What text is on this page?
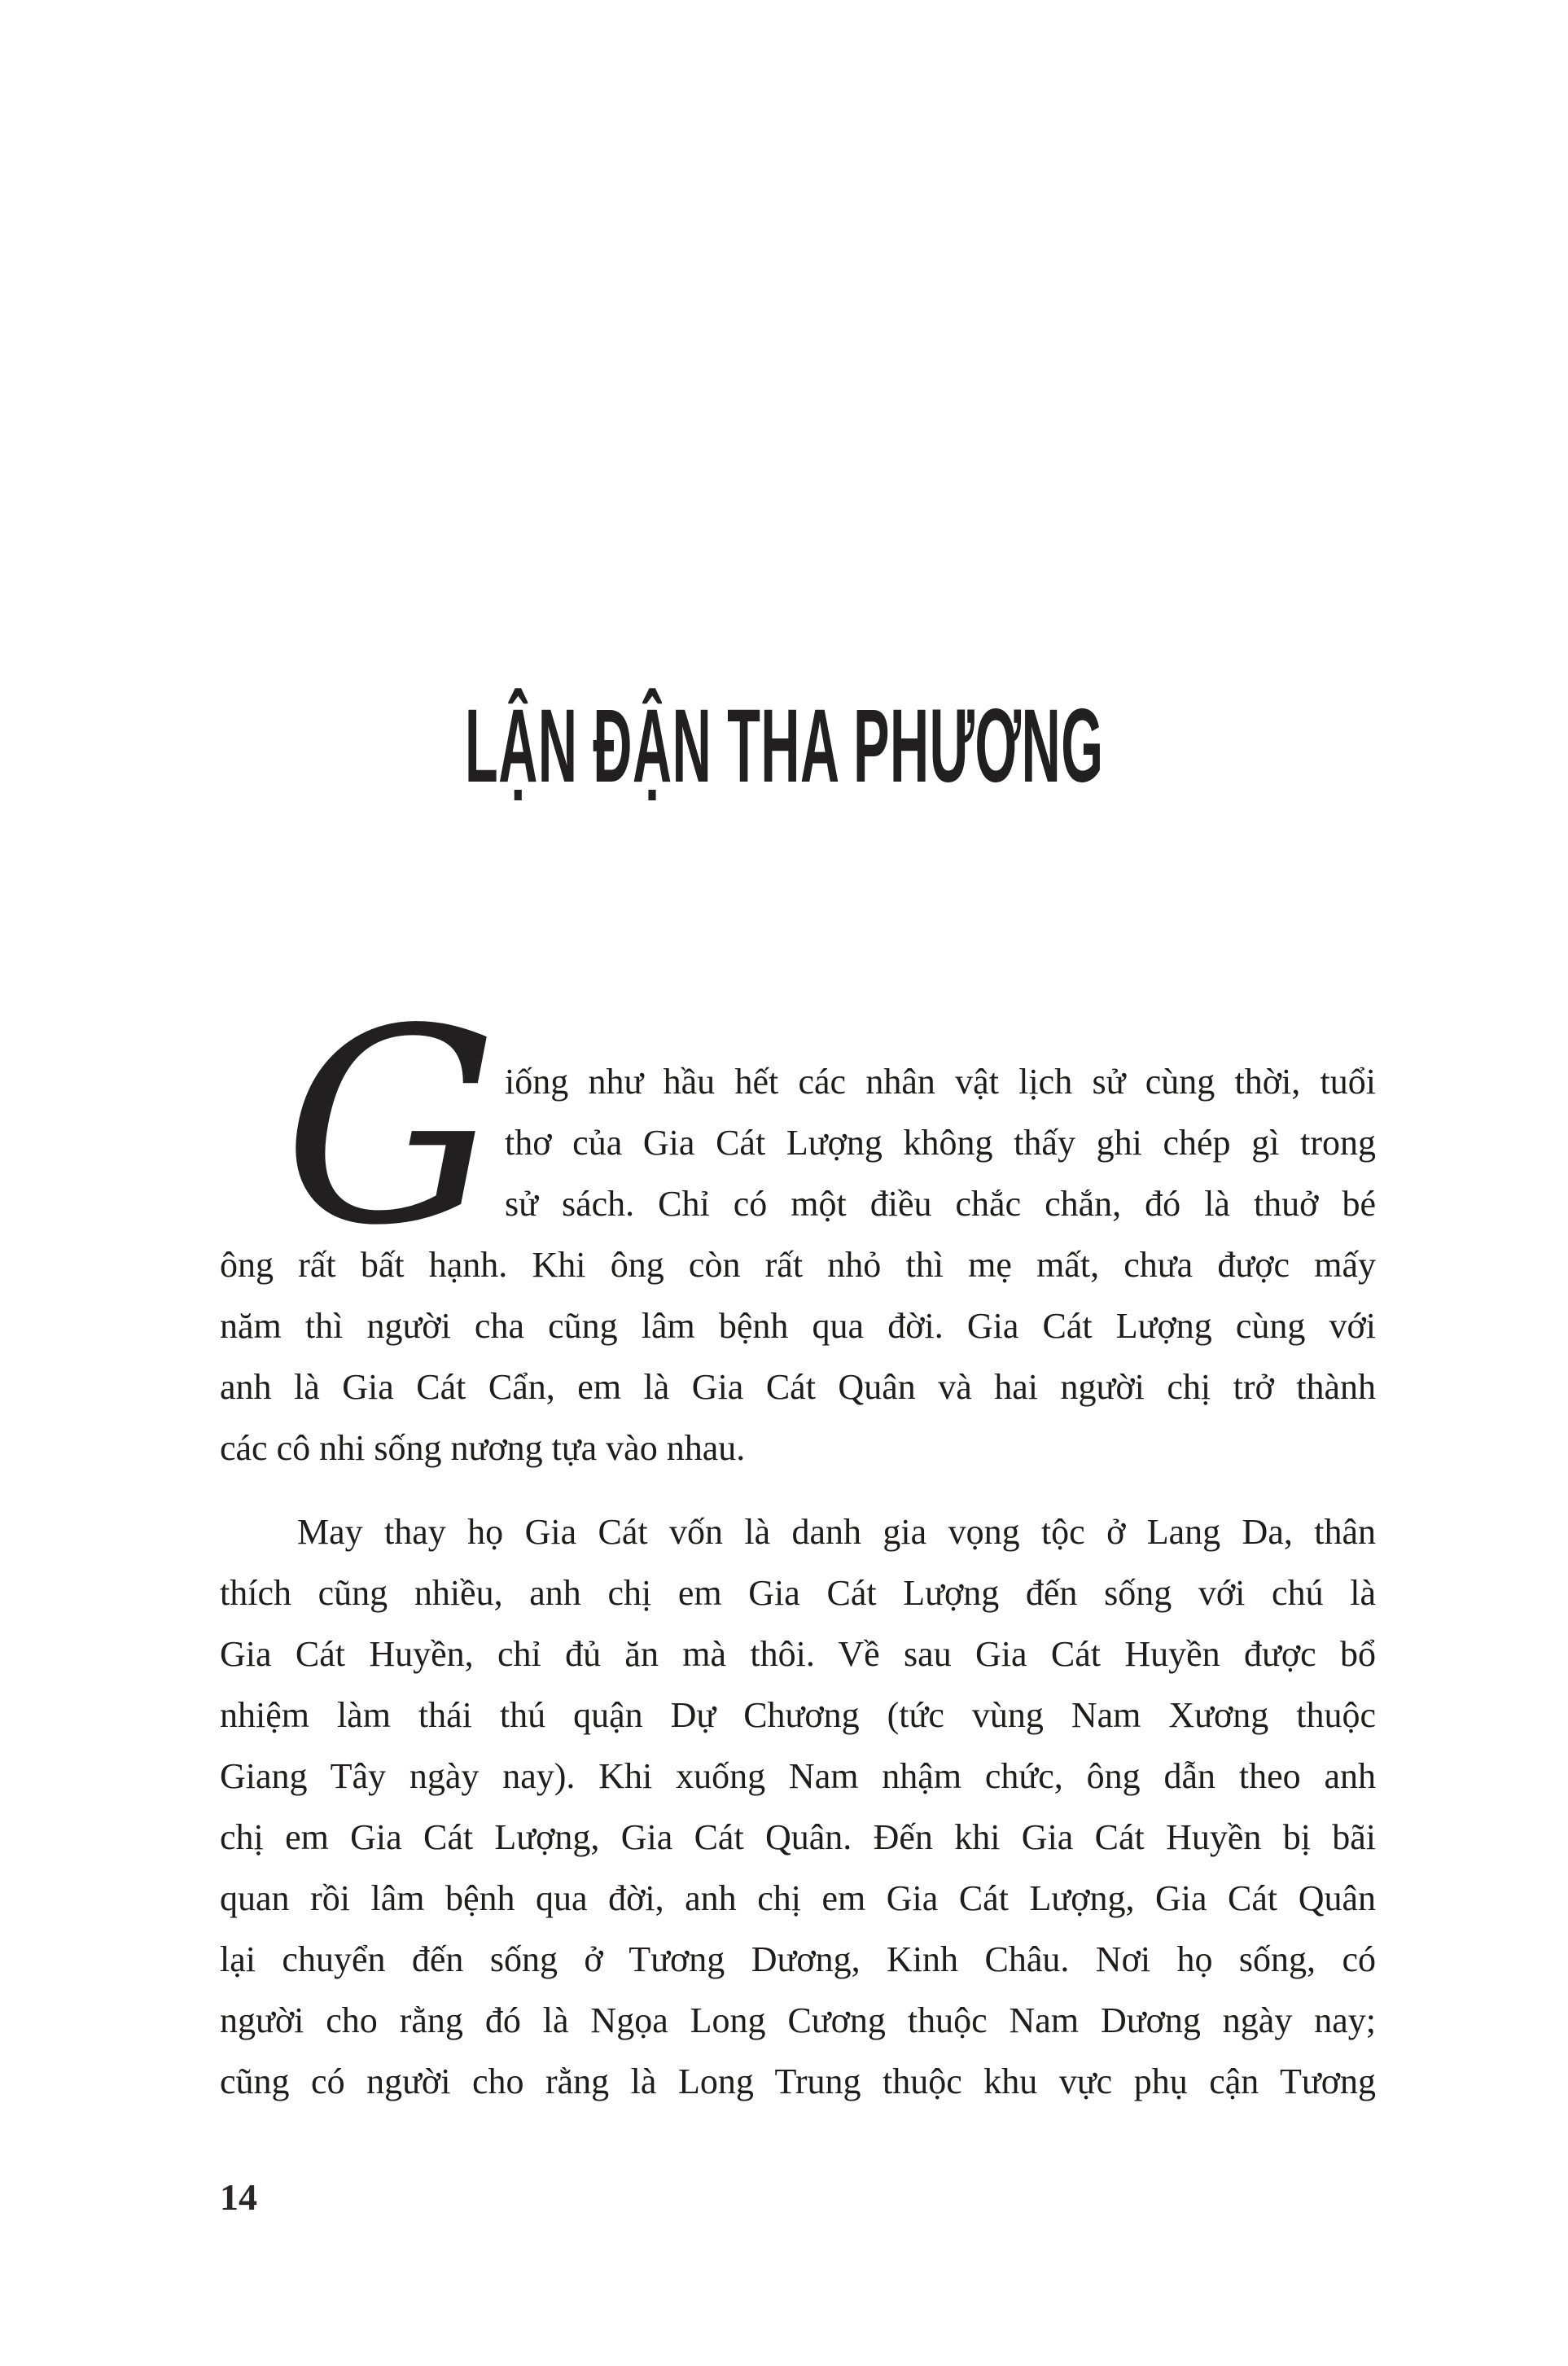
LẬN ĐẬN THA PHƯƠNG
G iống như hầu hết các nhân vật lịch sử cùng thời, tuổi
thơ của Gia Cát Lượng không thấy ghi chép gì trong
sử sách. Chỉ có một điều chắc chắn, đó là thuở bé
ông rất bất hạnh. Khi ông còn rất nhỏ thì mẹ mất, chưa được mấy
năm thì người cha cũng lâm bệnh qua đời. Gia Cát Lượng cùng với
anh là Gia Cát Cẩn, em là Gia Cát Quân và hai người chị trở thành
các cô nhi sống nương tựa vào nhau.
May thay họ Gia Cát vốn là danh gia vọng tộc ở Lang Da, thân
thích cũng nhiều, anh chị em Gia Cát Lượng đến sống với chú là
Gia Cát Huyền, chỉ đủ ăn mà thôi. Về sau Gia Cát Huyền được bổ
nhiệm làm thái thú quận Dự Chương (tức vùng Nam Xương thuộc
Giang Tây ngày nay). Khi xuống Nam nhậm chức, ông dẫn theo anh
chị em Gia Cát Lượng, Gia Cát Quân. Đến khi Gia Cát Huyền bị bãi
quan rồi lâm bệnh qua đời, anh chị em Gia Cát Lượng, Gia Cát Quân
lại chuyển đến sống ở Tương Dương, Kinh Châu. Nơi họ sống, có
người cho rằng đó là Ngọa Long Cương thuộc Nam Dương ngày nay;
cũng có người cho rằng là Long Trung thuộc khu vực phụ cận Tương
14
